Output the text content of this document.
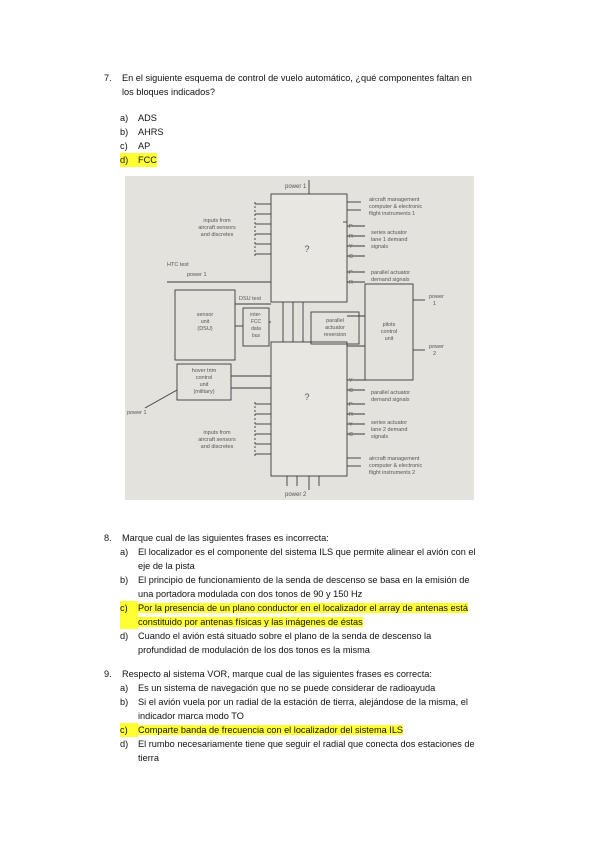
7.	En el siguiente esquema de control de vuelo automático, ¿qué componentes faltan en
los bloques indicados?
a)	ADS
b)	AHRS
c)	AP
d) FCC
power 1
power 2
inputs from
aircraft sensors
and discretes
aircraft management
computer & electronic
flight instruments 1
series actuator
lane 1 demand
signals
parallel actuator
demand signals
HTC test
power 1
sensor
unit
(DSU)
DSU test
inter-
FCC
data
bus
parallel
actuator
reversion
pilots
control
unit
power
1
power
2
hover trim
control
unit
(military)
power 1
inputs from
aircraft sensors
and discretes
parallel actuator
demand signals
series actuator
lane 2 demand
signals
aircraft management
computer & electronic
flight instruments 2
?
?
P
R
Y
C
P
R
Y
C
P
R
Y
C
8.	Marque cual de las siguientes frases es incorrecta:
a)	El localizador es el componente del sistema ILS que permite alinear el avión con el
eje de la pista
b)	El principio de funcionamiento de la senda de descenso se basa en la emisión de
una portadora modulada con dos tonos de 90 y 150 Hz
c)	Por la presencia de un plano conductor en el localizador el array de antenas está
constituido por antenas físicas y las imágenes de éstas
d)	Cuando el avión está situado sobre el plano de la senda de descenso la
profundidad de modulación de los dos tonos es la misma
9.	Respecto al sistema VOR, marque cual de las siguientes frases es correcta:
a)	Es un sistema de navegación que no se puede considerar de radioayuda
b)	Si el avión vuela por un radial de la estación de tierra, alejándose de la misma, el
indicador marca modo TO
c)	Comparte banda de frecuencia con el localizador del sistema ILS
d)	El rumbo necesariamente tiene que seguir el radial que conecta dos estaciones de
tierra
